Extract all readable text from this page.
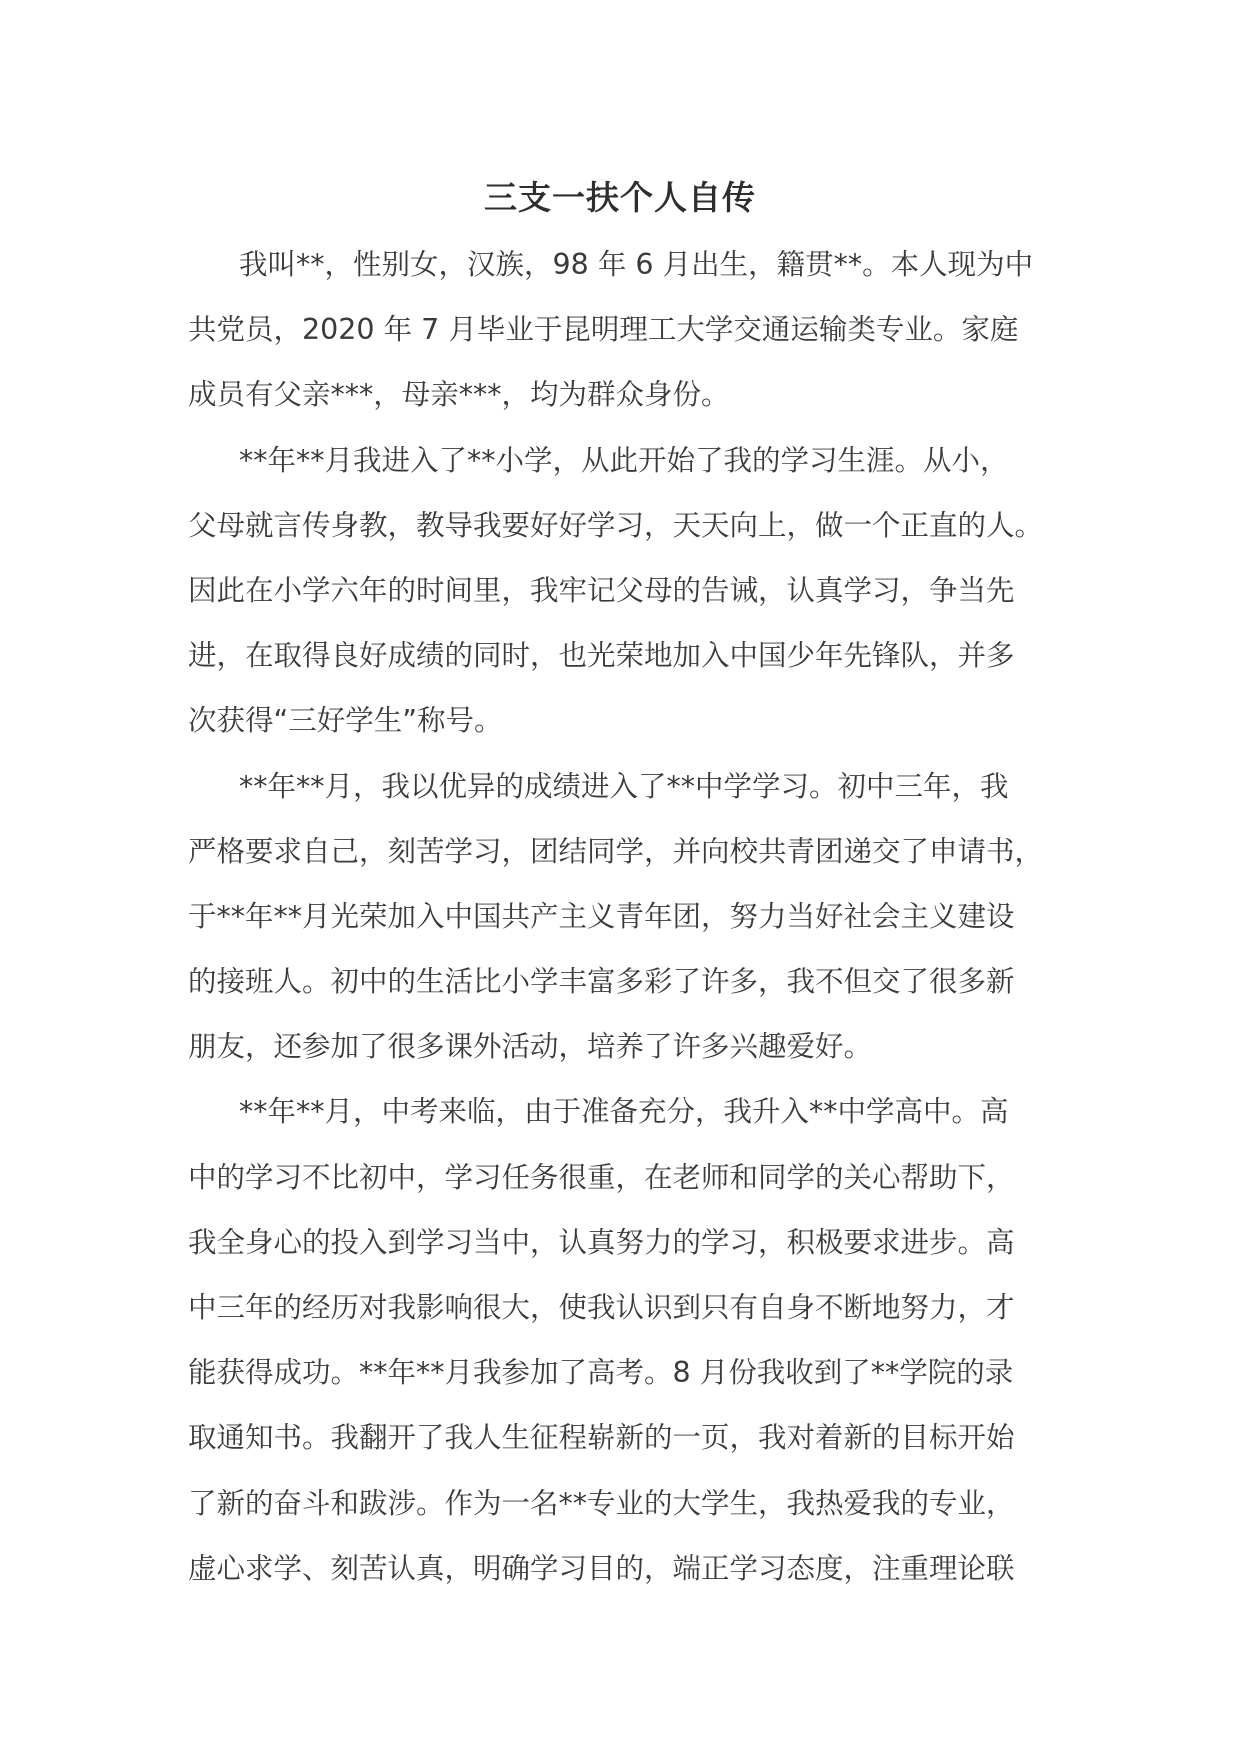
三支一扶个人自传
我叫**，性别女，汉族，98 年 6 月出生，籍贯**。本人现为中
共党员，2020 年 7 月毕业于昆明理工大学交通运输类专业。家庭
成员有父亲***，母亲***，均为群众身份。
**年**月我进入了**小学，从此开始了我的学习生涯。从小，
父母就言传身教，教导我要好好学习，天天向上，做一个正直的人。
因此在小学六年的时间里，我牢记父母的告诫，认真学习，争当先
进，在取得良好成绩的同时，也光荣地加入中国少年先锋队，并多
次获得“三好学生”称号。
**年**月，我以优异的成绩进入了**中学学习。初中三年，我
严格要求自己，刻苦学习，团结同学，并向校共青团递交了申请书，
于**年**月光荣加入中国共产主义青年团，努力当好社会主义建设
的接班人。初中的生活比小学丰富多彩了许多，我不但交了很多新
朋友，还参加了很多课外活动，培养了许多兴趣爱好。
**年**月，中考来临，由于准备充分，我升入**中学高中。高
中的学习不比初中，学习任务很重，在老师和同学的关心帮助下，
我全身心的投入到学习当中，认真努力的学习，积极要求进步。高
中三年的经历对我影响很大，使我认识到只有自身不断地努力，才
能获得成功。**年**月我参加了高考。8 月份我收到了**学院的录
取通知书。我翻开了我人生征程崭新的一页，我对着新的目标开始
了新的奋斗和跋涉。作为一名**专业的大学生，我热爱我的专业，
虚心求学、刻苦认真，明确学习目的，端正学习态度，注重理论联
